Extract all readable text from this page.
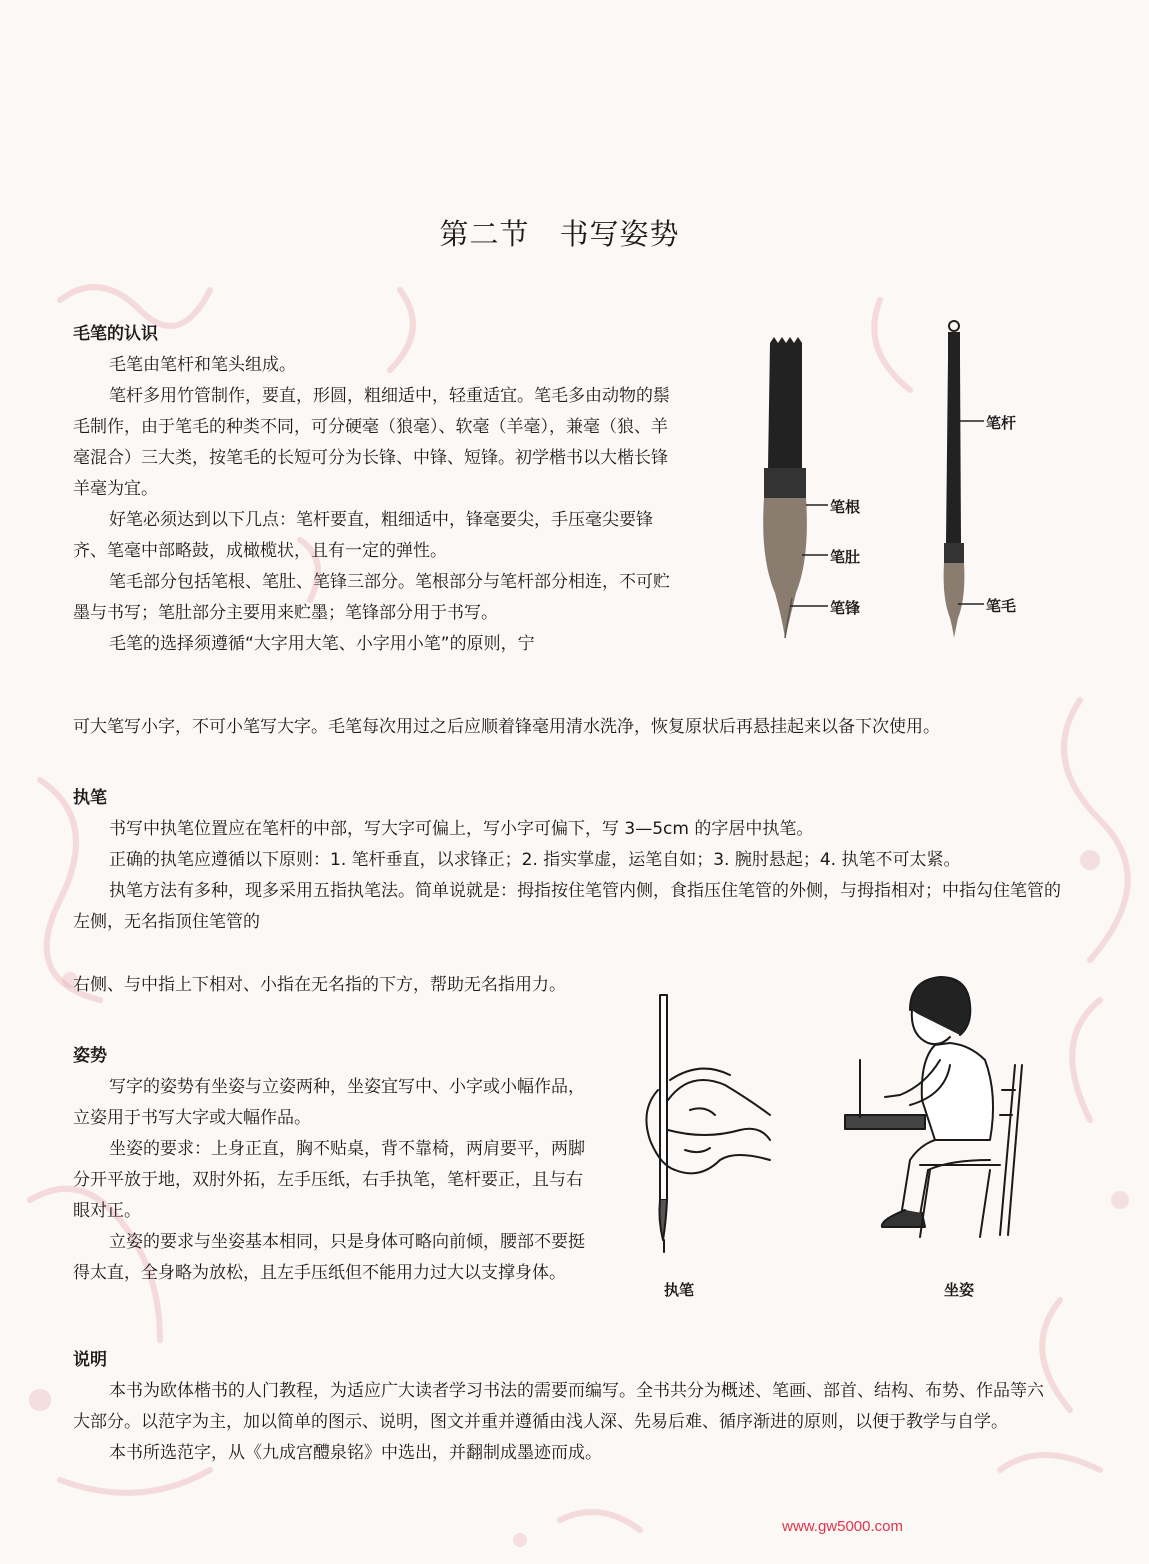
第二节　书写姿势
毛笔的认识

毛笔由笔杆和笔头组成。

笔杆多用竹管制作，要直，形圆，粗细适中，轻重适宜。笔毛多由动物的鬃毛制作，由于笔毛的种类不同，可分硬毫（狼毫）、软毫（羊毫），兼毫（狼、羊毫混合）三大类，按笔毛的长短可分为长锋、中锋、短锋。初学楷书以大楷长锋羊毫为宜。

好笔必须达到以下几点：笔杆要直，粗细适中，锋毫要尖，手压毫尖要锋齐、笔毫中部略鼓，成橄榄状，且有一定的弹性。

笔毛部分包括笔根、笔肚、笔锋三部分。笔根部分与笔杆部分相连，不可贮墨与书写；笔肚部分主要用来贮墨；笔锋部分用于书写。

毛笔的选择须遵循“大字用大笔、小字用小笔”的原则，宁

可大笔写小字，不可小笔写大字。毛笔每次用过之后应顺着锋毫用清水洗净，恢复原状后再悬挂起来以备下次使用。

笔根
笔肚
笔锋
笔杆
笔毛
执笔

书写中执笔位置应在笔杆的中部，写大字可偏上，写小字可偏下，写 3—5cm 的字居中执笔。

正确的执笔应遵循以下原则：1. 笔杆垂直，以求锋正；2. 指实掌虚，运笔自如；3. 腕肘悬起；4. 执笔不可太紧。

执笔方法有多种，现多采用五指执笔法。简单说就是：拇指按住笔管内侧，食指压住笔管的外侧，与拇指相对；中指勾住笔管的左侧，无名指顶住笔管的

右侧、与中指上下相对、小指在无名指的下方，帮助无名指用力。

姿势

写字的姿势有坐姿与立姿两种，坐姿宜写中、小字或小幅作品，立姿用于书写大字或大幅作品。

坐姿的要求：上身正直，胸不贴桌，背不靠椅，两肩要平，两脚分开平放于地，双肘外拓，左手压纸，右手执笔，笔杆要正，且与右眼对正。

立姿的要求与坐姿基本相同，只是身体可略向前倾，腰部不要挺得太直，全身略为放松，且左手压纸但不能用力过大以支撑身体。

执笔	坐姿
说明

本书为欧体楷书的人门教程，为适应广大读者学习书法的需要而编写。全书共分为概述、笔画、部首、结构、布势、作品等六大部分。以范字为主，加以简单的图示、说明，图文并重并遵循由浅人深、先易后难、循序渐进的原则，以便于教学与自学。

本书所选范字，从《九成宫醴泉铭》中选出，并翻制成墨迹而成。

www.gw5000.com
